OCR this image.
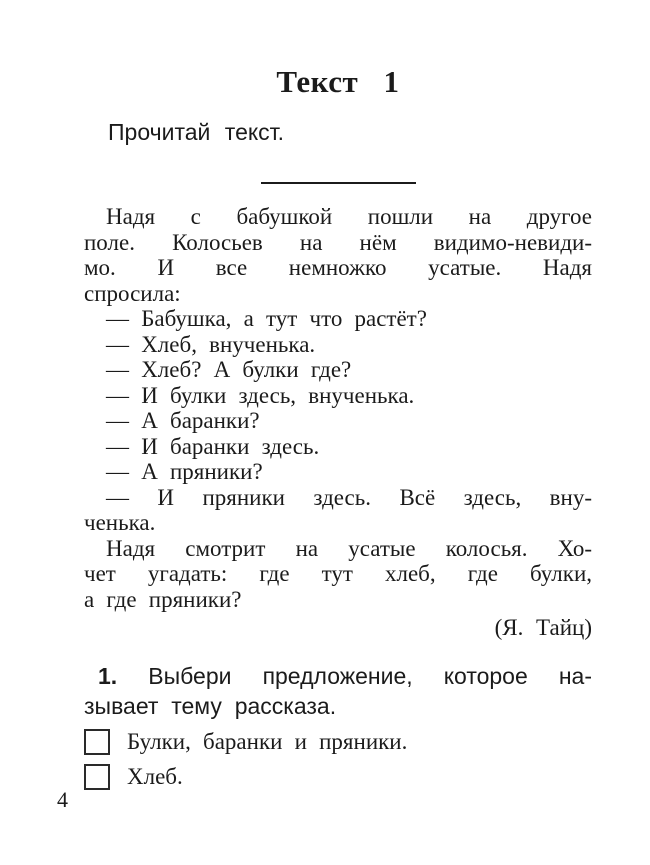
Текст 1
Прочитай текст.
Надя с бабушкой пошли на другое
поле. Колосьев на нём видимо-невиди-
мо. И все немножко усатые. Надя
спросила:
— Бабушка, а тут что растёт?
— Хлеб, внученька.
— Хлеб? А булки где?
— И булки здесь, внученька.
— А баранки?
— И баранки здесь.
— А пряники?
— И пряники здесь. Всё здесь, вну-
ченька.
Надя смотрит на усатые колосья. Хо-
чет угадать: где тут хлеб, где булки,
а где пряники?
(Я. Тайц)
1. Выбери предложение, которое на-
зывает тему рассказа.
Булки, баранки и пряники.
Хлеб.
4
